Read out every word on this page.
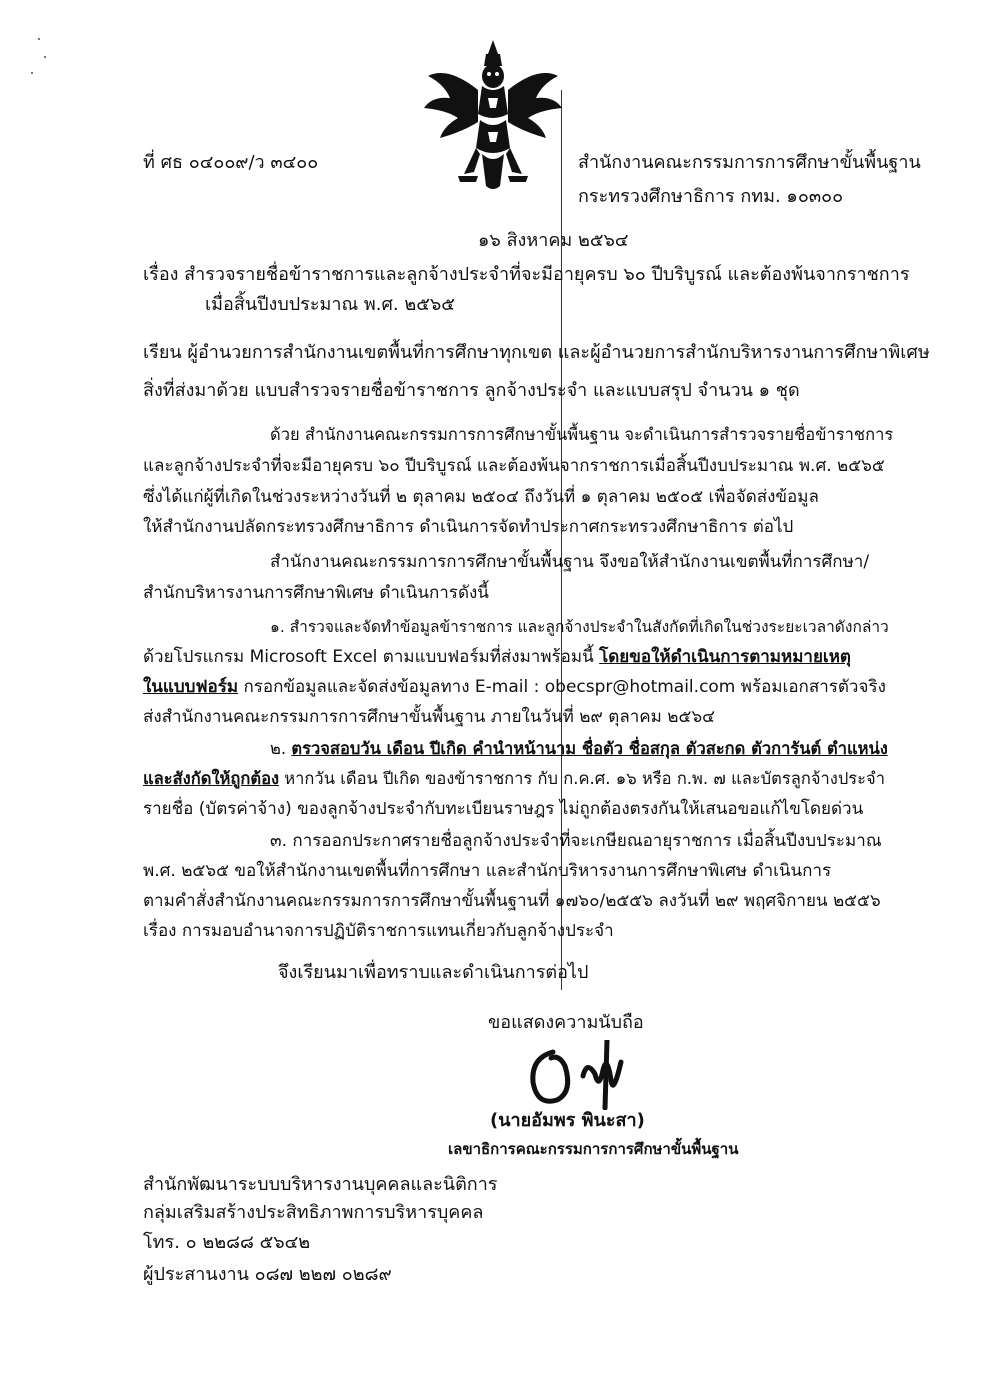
ที่ ศธ ๐๔๐๐๙/ว ๓๔๐๐	สำนักงานคณะกรรมการการศึกษาขั้นพื้นฐาน
กระทรวงศึกษาธิการ กทม. ๑๐๓๐๐
๑๖ สิงหาคม ๒๕๖๔
เรื่อง สำรวจรายชื่อข้าราชการและลูกจ้างประจำที่จะมีอายุครบ ๖๐ ปีบริบูรณ์ และต้องพ้นจากราชการ
เมื่อสิ้นปีงบประมาณ พ.ศ. ๒๕๖๕
เรียน ผู้อำนวยการสำนักงานเขตพื้นที่การศึกษาทุกเขต และผู้อำนวยการสำนักบริหารงานการศึกษาพิเศษ
สิ่งที่ส่งมาด้วย แบบสำรวจรายชื่อข้าราชการ ลูกจ้างประจำ และแบบสรุป จำนวน ๑ ชุด
ด้วย สำนักงานคณะกรรมการการศึกษาขั้นพื้นฐาน จะดำเนินการสำรวจรายชื่อข้าราชการ
และลูกจ้างประจำที่จะมีอายุครบ ๖๐ ปีบริบูรณ์ และต้องพ้นจากราชการเมื่อสิ้นปีงบประมาณ พ.ศ. ๒๕๖๕
ซึ่งได้แก่ผู้ที่เกิดในช่วงระหว่างวันที่ ๒ ตุลาคม ๒๕๐๔ ถึงวันที่ ๑ ตุลาคม ๒๕๐๕ เพื่อจัดส่งข้อมูล
ให้สำนักงานปลัดกระทรวงศึกษาธิการ ดำเนินการจัดทำประกาศกระทรวงศึกษาธิการ ต่อไป
สำนักงานคณะกรรมการการศึกษาขั้นพื้นฐาน จึงขอให้สำนักงานเขตพื้นที่การศึกษา/
สำนักบริหารงานการศึกษาพิเศษ ดำเนินการดังนี้
๑. สำรวจและจัดทำข้อมูลข้าราชการ และลูกจ้างประจำในสังกัดที่เกิดในช่วงระยะเวลาดังกล่าว
ด้วยโปรแกรม Microsoft Excel ตามแบบฟอร์มที่ส่งมาพร้อมนี้ โดยขอให้ดำเนินการตามหมายเหตุ
ในแบบฟอร์ม กรอกข้อมูลและจัดส่งข้อมูลทาง E-mail : obecspr@hotmail.com พร้อมเอกสารตัวจริง
ส่งสำนักงานคณะกรรมการการศึกษาขั้นพื้นฐาน ภายในวันที่ ๒๙ ตุลาคม ๒๕๖๔
๒. ตรวจสอบวัน เดือน ปีเกิด คำนำหน้านาม ชื่อตัว ชื่อสกุล ตัวสะกด ตัวการันต์ ตำแหน่ง
และสังกัดให้ถูกต้อง หากวัน เดือน ปีเกิด ของข้าราชการ กับ ก.ค.ศ. ๑๖ หรือ ก.พ. ๗ และบัตรลูกจ้างประจำ
รายชื่อ (บัตรค่าจ้าง) ของลูกจ้างประจำกับทะเบียนราษฎร ไม่ถูกต้องตรงกันให้เสนอขอแก้ไขโดยด่วน
๓. การออกประกาศรายชื่อลูกจ้างประจำที่จะเกษียณอายุราชการ เมื่อสิ้นปีงบประมาณ
พ.ศ. ๒๕๖๕ ขอให้สำนักงานเขตพื้นที่การศึกษา และสำนักบริหารงานการศึกษาพิเศษ ดำเนินการ
ตามคำสั่งสำนักงานคณะกรรมการการศึกษาขั้นพื้นฐานที่ ๑๗๖๐/๒๕๕๖ ลงวันที่ ๒๙ พฤศจิกายน ๒๕๕๖
เรื่อง การมอบอำนาจการปฏิบัติราชการแทนเกี่ยวกับลูกจ้างประจำ
จึงเรียนมาเพื่อทราบและดำเนินการต่อไป
ขอแสดงความนับถือ
(นายอัมพร พินะสา)
เลขาธิการคณะกรรมการการศึกษาขั้นพื้นฐาน
สำนักพัฒนาระบบบริหารงานบุคคลและนิติการ
กลุ่มเสริมสร้างประสิทธิภาพการบริหารบุคคล
โทร. ๐ ๒๒๘๘ ๕๖๔๒
ผู้ประสานงาน ๐๘๗ ๒๒๗ ๐๒๘๙
